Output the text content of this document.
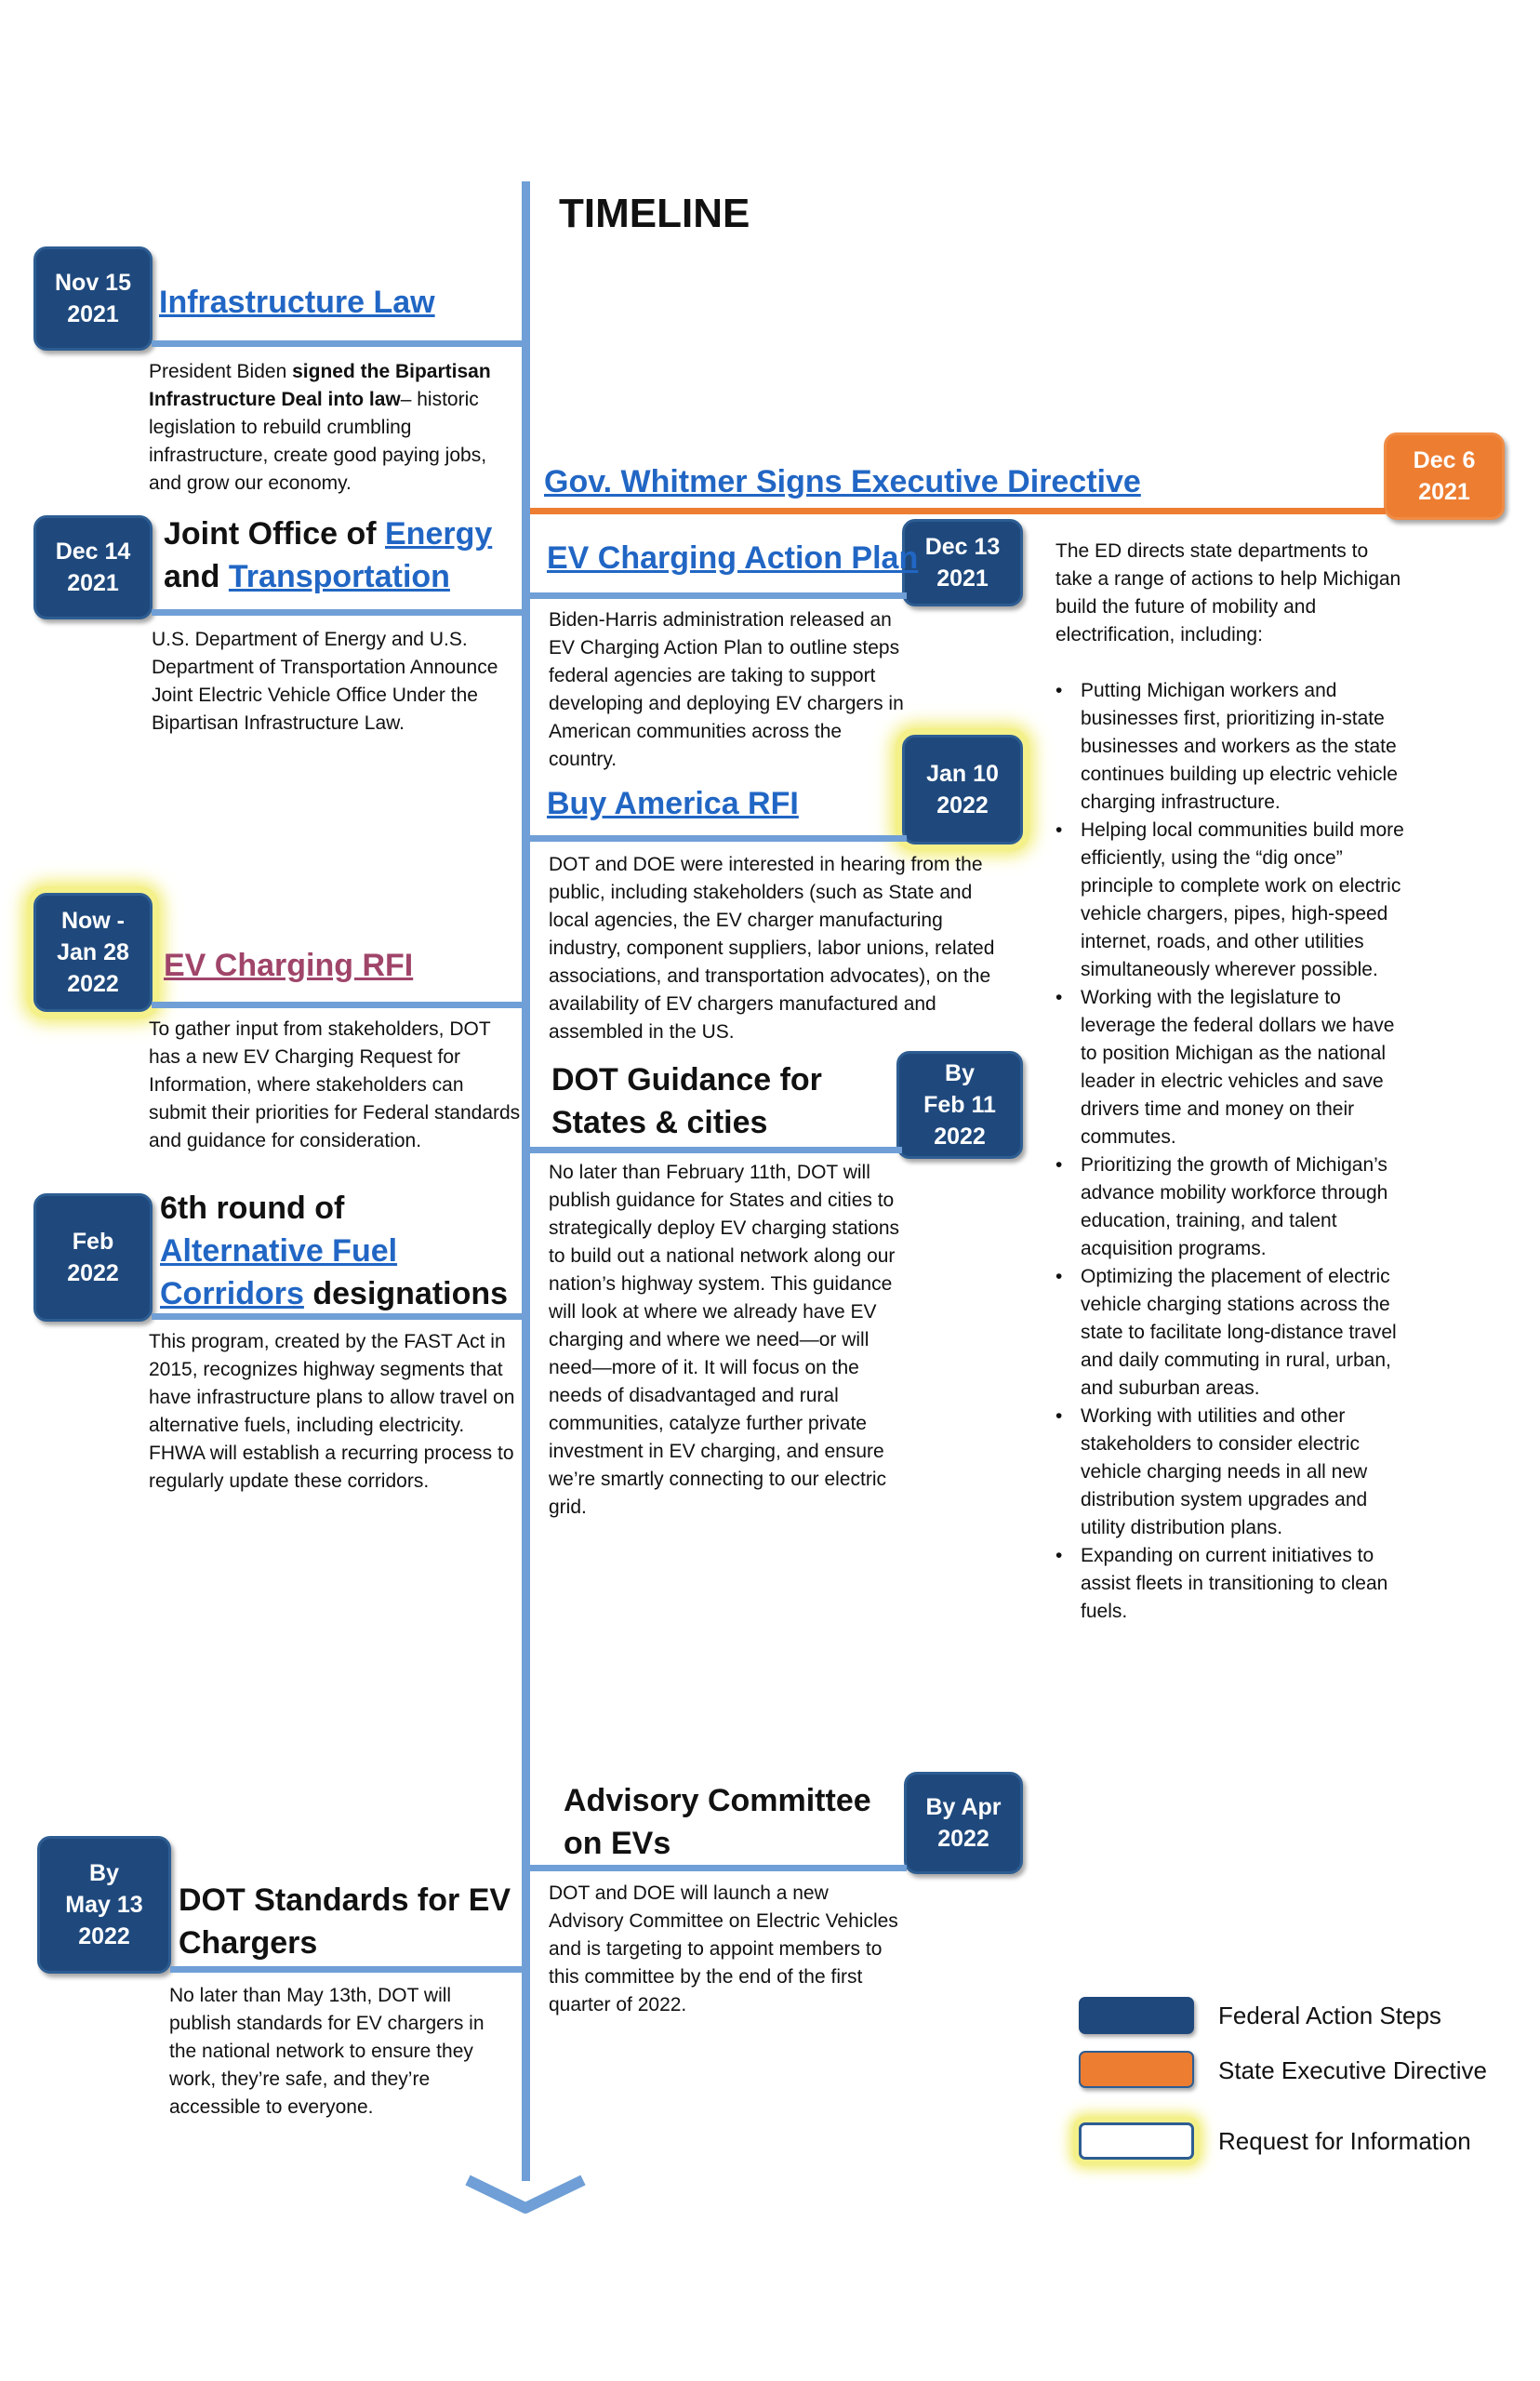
TIMELINE
Nov 15
2021 Infrastructure Law
President Biden signed the Bipartisan Infrastructure Deal into law– historic legislation to rebuild crumbling infrastructure, create good paying jobs, and grow our economy.
Dec 14
2021
Joint Office of Energy
and Transportation
U.S. Department of Energy and U.S. Department of Transportation Announce Joint Electric Vehicle Office Under the Bipartisan Infrastructure Law.
Now -
Jan 28
2022
EV Charging RFI
To gather input from stakeholders, DOT has a new EV Charging Request for Information, where stakeholders can submit their priorities for Federal standards and guidance for consideration.
Feb
2022
6th round of
Alternative Fuel
Corridors designations
This program, created by the FAST Act in 2015, recognizes highway segments that have infrastructure plans to allow travel on alternative fuels, including electricity. FHWA will establish a recurring process to regularly update these corridors.
By
May 13
2022
DOT Standards for EV
Chargers
No later than May 13th, DOT will publish standards for EV chargers in the national network to ensure they work, they’re safe, and they’re accessible to everyone.
Dec 6
2021
Gov. Whitmer Signs Executive Directive
The ED directs state departments to take a range of actions to help Michigan build the future of mobility and electrification, including:
• Putting Michigan workers and businesses first, prioritizing in-state businesses and workers as the state continues building up electric vehicle charging infrastructure.
• Helping local communities build more efficiently, using the “dig once” principle to complete work on electric vehicle chargers, pipes, high-speed internet, roads, and other utilities simultaneously wherever possible.
• Working with the legislature to leverage the federal dollars we have to position Michigan as the national leader in electric vehicles and save drivers time and money on their commutes.
• Prioritizing the growth of Michigan’s advance mobility workforce through education, training, and talent acquisition programs.
• Optimizing the placement of electric vehicle charging stations across the state to facilitate long-distance travel and daily commuting in rural, urban, and suburban areas.
• Working with utilities and other stakeholders to consider electric vehicle charging needs in all new distribution system upgrades and utility distribution plans.
• Expanding on current initiatives to assist fleets in transitioning to clean fuels.
Dec 13
2021
EV Charging Action Plan
Biden-Harris administration released an EV Charging Action Plan to outline steps federal agencies are taking to support developing and deploying EV chargers in American communities across the country.
Jan 10
2022
Buy America RFI
DOT and DOE were interested in hearing from the public, including stakeholders (such as State and local agencies, the EV charger manufacturing industry, component suppliers, labor unions, related associations, and transportation advocates), on the availability of EV chargers manufactured and assembled in the US.
By
Feb 11
2022
DOT Guidance for
States & cities
No later than February 11th, DOT will publish guidance for States and cities to strategically deploy EV charging stations to build out a national network along our nation’s highway system. This guidance will look at where we already have EV charging and where we need—or will need—more of it. It will focus on the needs of disadvantaged and rural communities, catalyze further private investment in EV charging, and ensure we’re smartly connecting to our electric grid.
By Apr
2022
Advisory Committee
on EVs
DOT and DOE will launch a new Advisory Committee on Electric Vehicles and is targeting to appoint members to this committee by the end of the first quarter of 2022.	Federal Action Steps
State Executive Directive
Request for Information
